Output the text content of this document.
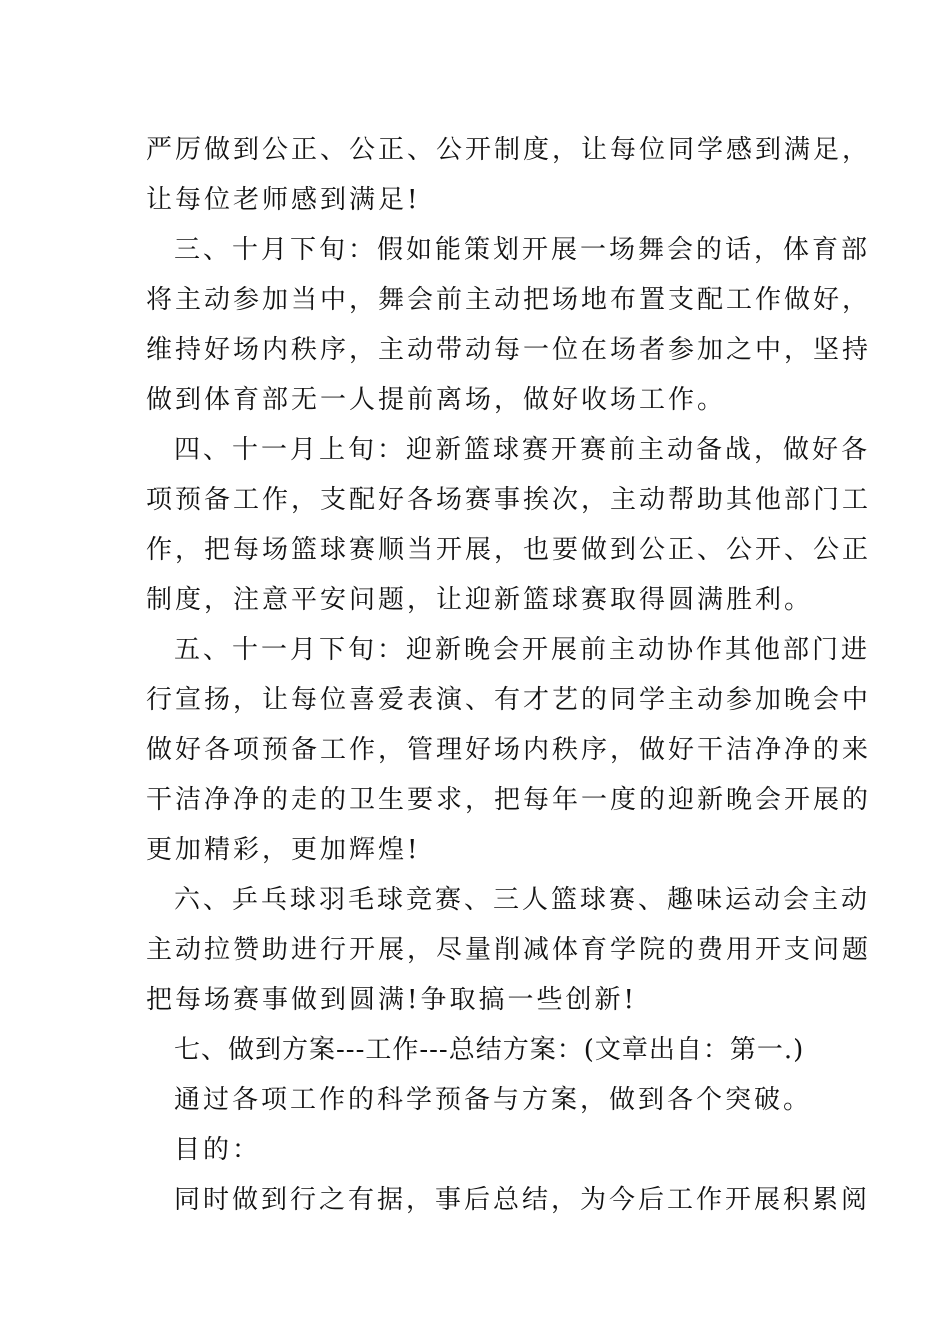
严厉做到公正、公正、公开制度，让每位同学感到满足，
让每位老师感到满足!
三、十月下旬：假如能策划开展一场舞会的话，体育部
将主动参加当中，舞会前主动把场地布置支配工作做好，
维持好场内秩序，主动带动每一位在场者参加之中，坚持
做到体育部无一人提前离场，做好收场工作。
四、十一月上旬：迎新篮球赛开赛前主动备战，做好各
项预备工作，支配好各场赛事挨次，主动帮助其他部门工
作，把每场篮球赛顺当开展，也要做到公正、公开、公正
制度，注意平安问题，让迎新篮球赛取得圆满胜利。
五、十一月下旬：迎新晚会开展前主动协作其他部门进
行宣扬，让每位喜爱表演、有才艺的同学主动参加晚会中
做好各项预备工作，管理好场内秩序，做好干洁净净的来
干洁净净的走的卫生要求，把每年一度的迎新晚会开展的
更加精彩，更加辉煌!
六、乒乓球羽毛球竞赛、三人篮球赛、趣味运动会主动
主动拉赞助进行开展，尽量削减体育学院的费用开支问题
把每场赛事做到圆满!争取搞一些创新!
七、做到方案---工作---总结方案：(文章出自：第一.)
通过各项工作的科学预备与方案，做到各个突破。
目的：
同时做到行之有据，事后总结，为今后工作开展积累阅
